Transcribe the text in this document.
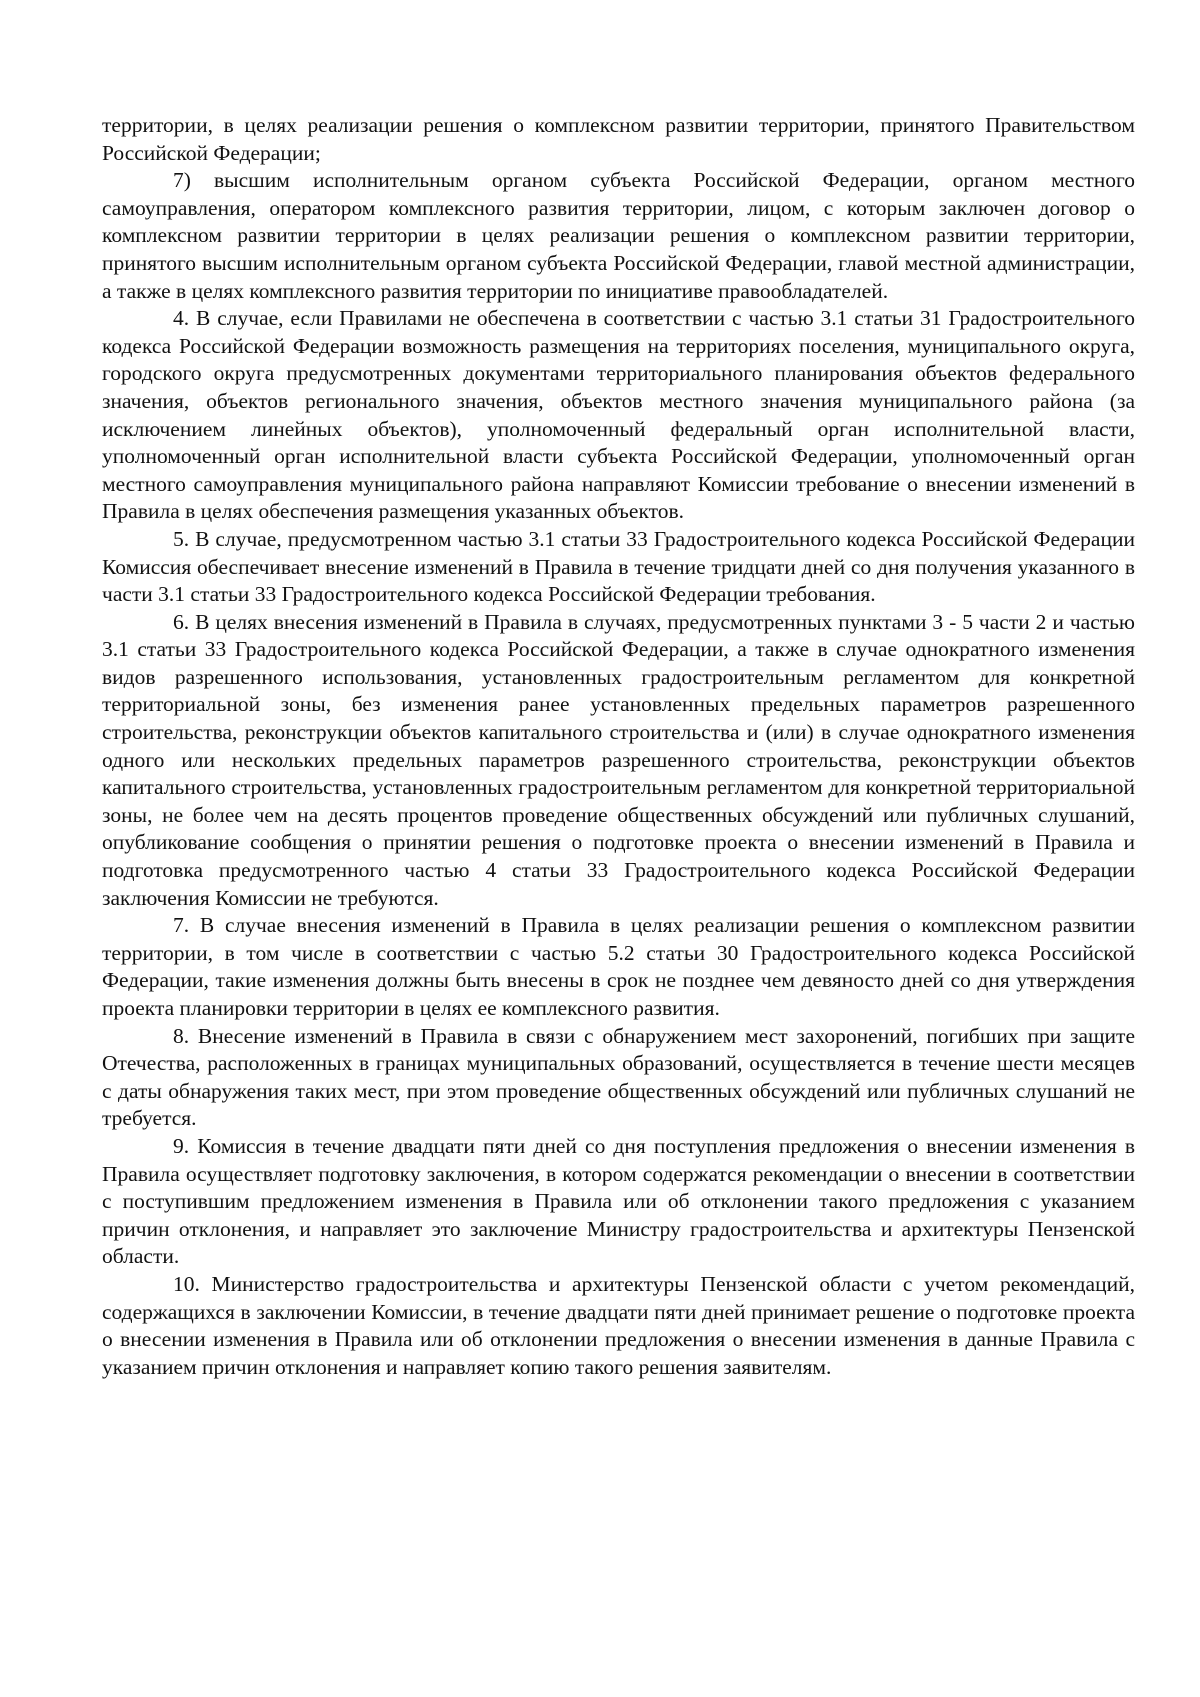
территории, в целях реализации решения о комплексном развитии территории, принятого Правительством Российской Федерации;

7) высшим исполнительным органом субъекта Российской Федерации, органом местного самоуправления, оператором комплексного развития территории, лицом, с которым заключен договор о комплексном развитии территории в целях реализации решения о комплексном развитии территории, принятого высшим исполнительным органом субъекта Российской Федерации, главой местной администрации, а также в целях комплексного развития территории по инициативе правообладателей.

4. В случае, если Правилами не обеспечена в соответствии с частью 3.1 статьи 31 Градостроительного кодекса Российской Федерации возможность размещения на территориях поселения, муниципального округа, городского округа предусмотренных документами территориального планирования объектов федерального значения, объектов регионального значения, объектов местного значения муниципального района (за исключением линейных объектов), уполномоченный федеральный орган исполнительной власти, уполномоченный орган исполнительной власти субъекта Российской Федерации, уполномоченный орган местного самоуправления муниципального района направляют Комиссии требование о внесении изменений в Правила в целях обеспечения размещения указанных объектов.

5. В случае, предусмотренном частью 3.1 статьи 33 Градостроительного кодекса Российской Федерации Комиссия обеспечивает внесение изменений в Правила в течение тридцати дней со дня получения указанного в части 3.1 статьи 33 Градостроительного кодекса Российской Федерации требования.

6. В целях внесения изменений в Правила в случаях, предусмотренных пунктами 3 - 5 части 2 и частью 3.1 статьи 33 Градостроительного кодекса Российской Федерации, а также в случае однократного изменения видов разрешенного использования, установленных градостроительным регламентом для конкретной территориальной зоны, без изменения ранее установленных предельных параметров разрешенного строительства, реконструкции объектов капитального строительства и (или) в случае однократного изменения одного или нескольких предельных параметров разрешенного строительства, реконструкции объектов капитального строительства, установленных градостроительным регламентом для конкретной территориальной зоны, не более чем на десять процентов проведение общественных обсуждений или публичных слушаний, опубликование сообщения о принятии решения о подготовке проекта о внесении изменений в Правила и подготовка предусмотренного частью 4 статьи 33 Градостроительного кодекса Российской Федерации заключения Комиссии не требуются.

7. В случае внесения изменений в Правила в целях реализации решения о комплексном развитии территории, в том числе в соответствии с частью 5.2 статьи 30 Градостроительного кодекса Российской Федерации, такие изменения должны быть внесены в срок не позднее чем девяносто дней со дня утверждения проекта планировки территории в целях ее комплексного развития.

8. Внесение изменений в Правила в связи с обнаружением мест захоронений, погибших при защите Отечества, расположенных в границах муниципальных образований, осуществляется в течение шести месяцев с даты обнаружения таких мест, при этом проведение общественных обсуждений или публичных слушаний не требуется.

9. Комиссия в течение двадцати пяти дней со дня поступления предложения о внесении изменения в Правила осуществляет подготовку заключения, в котором содержатся рекомендации о внесении в соответствии с поступившим предложением изменения в Правила или об отклонении такого предложения с указанием причин отклонения, и направляет это заключение Министру градостроительства и архитектуры Пензенской области.

10. Министерство градостроительства и архитектуры Пензенской области с учетом рекомендаций, содержащихся в заключении Комиссии, в течение двадцати пяти дней принимает решение о подготовке проекта о внесении изменения в Правила или об отклонении предложения о внесении изменения в данные Правила с указанием причин отклонения и направляет копию такого решения заявителям.
